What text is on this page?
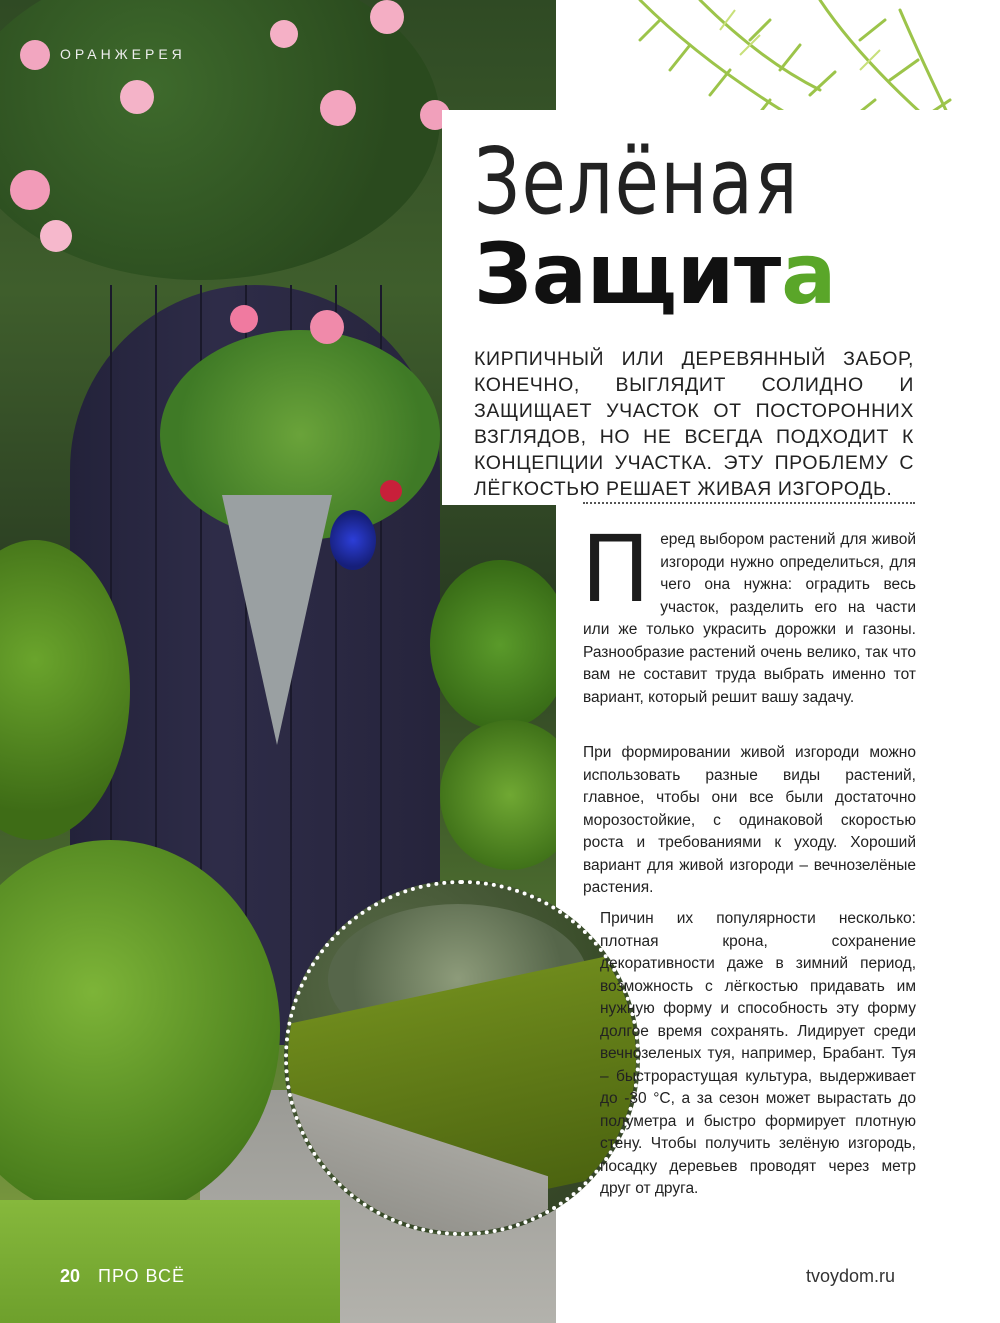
ОРАНЖЕРЕЯ
Зелёная
Защита
КИРПИЧНЫЙ ИЛИ ДЕРЕВЯННЫЙ ЗАБОР, КОНЕЧНО, ВЫГЛЯДИТ СОЛИДНО И ЗАЩИЩАЕТ УЧАСТОК ОТ ПОСТОРОННИХ ВЗГЛЯДОВ, НО НЕ ВСЕГДА ПОДХОДИТ К КОНЦЕПЦИИ УЧАСТКА. ЭТУ ПРОБЛЕМУ С ЛЁГКОСТЬЮ РЕШАЕТ ЖИВАЯ ИЗГОРОДЬ.
Перед выбором растений для живой изгороди нужно определиться, для чего она нужна: оградить весь участок, разделить его на части или же только украсить дорожки и газоны. Разнообразие растений очень велико, так что вам не составит труда выбрать именно тот вариант, который решит вашу задачу.
При формировании живой изгороди можно использовать разные виды растений, главное, чтобы они все были достаточно морозостойкие, с одинаковой скоростью роста и требованиями к уходу. Хороший вариант для живой изгороди – вечнозелёные растения.
Причин их популярности несколько: плотная крона, сохранение декоративности даже в зимний период, возможность с лёгкостью придавать им нужную форму и способность эту форму долгое время сохранять. Лидирует среди вечнозеленых туя, например, Брабант. Туя – быстрорастущая культура, выдерживает до -30 °С, а за сезон может вырастать до полуметра и быстро формирует плотную стену. Чтобы получить зелёную изгородь, посадку деревьев проводят через метр друг от друга.
20 ПРО ВСЁ	tvoydom.ru
